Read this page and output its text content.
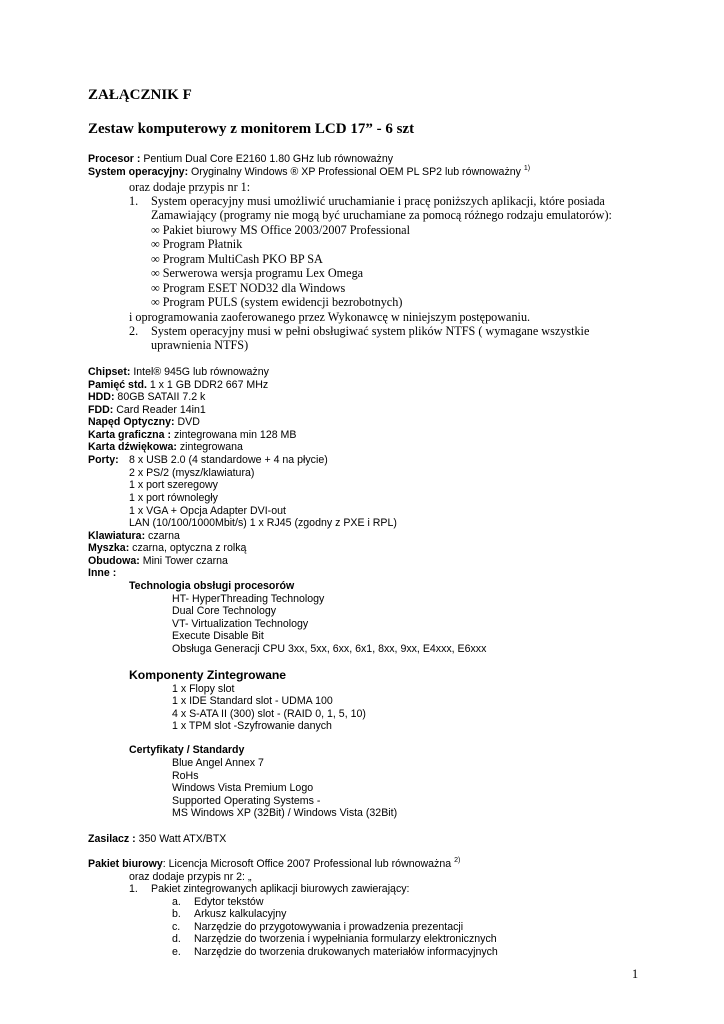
ZAŁĄCZNIK F
Zestaw komputerowy z monitorem LCD 17” - 6 szt
Procesor : Pentium Dual Core E2160 1.80 GHz lub równoważny
System operacyjny: Oryginalny Windows ® XP Professional OEM PL SP2 lub równoważny $^{1)}$
oraz dodaje przypis nr 1:
1. System operacyjny musi umożliwić uruchamianie i pracę poniższych aplikacji, które posiada
Zamawiający (programy nie mogą być uruchamiane za pomocą różnego rodzaju emulatorów):
∞ Pakiet biurowy MS Office 2003/2007 Professional
∞ Program Płatnik
∞ Program MultiCash PKO BP SA
∞ Serwerowa wersja programu Lex Omega
∞ Program ESET NOD32 dla Windows
∞ Program PULS (system ewidencji bezrobotnych)
i oprogramowania zaoferowanego przez Wykonawcę w niniejszym postępowaniu.
2. System operacyjny musi w pełni obsługiwać system plików NTFS ( wymagane wszystkie
uprawnienia NTFS)
Chipset: Intel® 945G lub równoważny
Pamięć std. 1 x 1 GB DDR2 667 MHz
HDD: 80GB SATAII 7.2 k
FDD: Card Reader 14in1
Napęd Optyczny: DVD
Karta graficzna : zintegrowana min 128 MB
Karta dźwiękowa: zintegrowana
Porty: 8 x USB 2.0 (4 standardowe + 4 na płycie)
2 x PS/2 (mysz/klawiatura)
1 x port szeregowy
1 x port równoległy
1 x VGA + Opcja Adapter DVI-out
LAN (10/100/1000Mbit/s) 1 x RJ45 (zgodny z PXE i RPL)
Klawiatura: czarna
Myszka: czarna, optyczna z rolką
Obudowa: Mini Tower czarna
Inne :
Technologia obsługi procesorów
HT- HyperThreading Technology
Dual Core Technology
VT- Virtualization Technology
Execute Disable Bit
Obsługa Generacji CPU 3xx, 5xx, 6xx, 6x1, 8xx, 9xx, E4xxx, E6xxx
Komponenty Zintegrowane
1 x Flopy slot
1 x IDE Standard slot - UDMA 100
4 x S-ATA II (300) slot - (RAID 0, 1, 5, 10)
1 x TPM slot -Szyfrowanie danych
Certyfikaty / Standardy
Blue Angel Annex 7
RoHs
Windows Vista Premium Logo
Supported Operating Systems -
MS Windows XP (32Bit) / Windows Vista (32Bit)
Zasilacz : 350 Watt ATX/BTX
Pakiet biurowy: Licencja Microsoft Office 2007 Professional lub równoważna $^{2)}$
oraz dodaje przypis nr 2: „
1. Pakiet zintegrowanych aplikacji biurowych zawierający:
a. Edytor tekstów
b. Arkusz kalkulacyjny
c. Narzędzie do przygotowywania i prowadzenia prezentacji
d. Narzędzie do tworzenia i wypełniania formularzy elektronicznych
e. Narzędzie do tworzenia drukowanych materiałów informacyjnych
1
